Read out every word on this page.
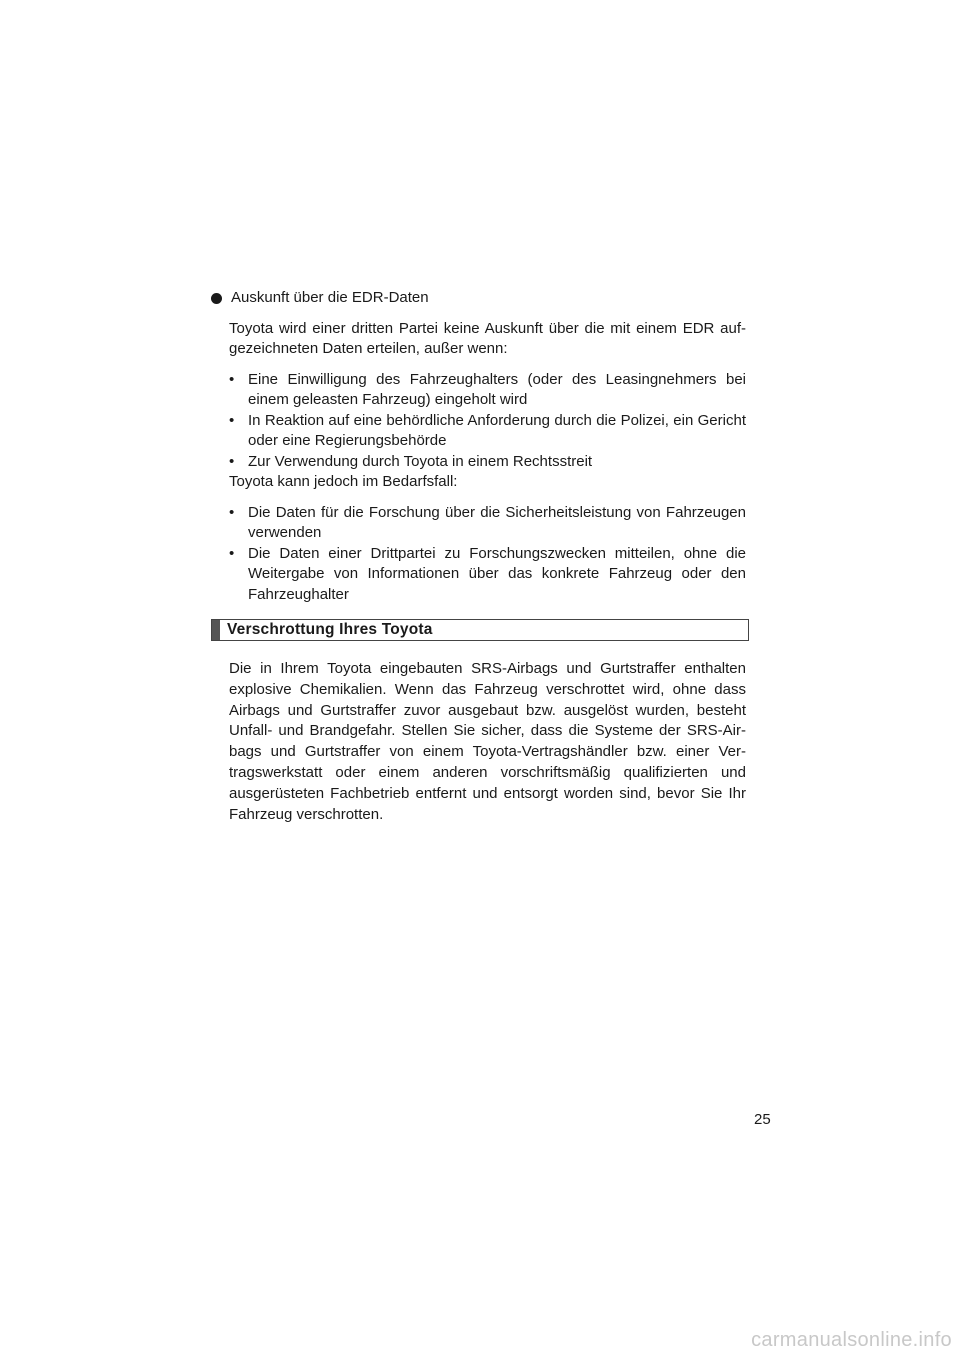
Auskunft über die EDR-Daten

Toyota wird einer dritten Partei keine Auskunft über die mit einem EDR auf-gezeichneten Daten erteilen, außer wenn:

• Eine Einwilligung des Fahrzeughalters (oder des Leasingnehmers bei einem geleasten Fahrzeug) eingeholt wird
• In Reaktion auf eine behördliche Anforderung durch die Polizei, ein Gericht oder eine Regierungsbehörde
• Zur Verwendung durch Toyota in einem Rechtsstreit

Toyota kann jedoch im Bedarfsfall:

• Die Daten für die Forschung über die Sicherheitsleistung von Fahrzeugen verwenden
• Die Daten einer Drittpartei zu Forschungszwecken mitteilen, ohne die Weitergabe von Informationen über das konkrete Fahrzeug oder den Fahrzeughalter
Verschrottung Ihres Toyota

Die in Ihrem Toyota eingebauten SRS-Airbags und Gurtstraffer enthalten explosive Chemikalien. Wenn das Fahrzeug verschrottet wird, ohne dass Airbags und Gurtstraffer zuvor ausgebaut bzw. ausgelöst wurden, besteht Unfall- und Brandgefahr. Stellen Sie sicher, dass die Systeme der SRS-Air-bags und Gurtstraffer von einem Toyota-Vertragshändler bzw. einer Ver-tragswerkstatt oder einem anderen vorschriftsmäßig qualifizierten und ausgerüsteten Fachbetrieb entfernt und entsorgt worden sind, bevor Sie Ihr Fahrzeug verschrotten.

25
carmanualsonline.info
